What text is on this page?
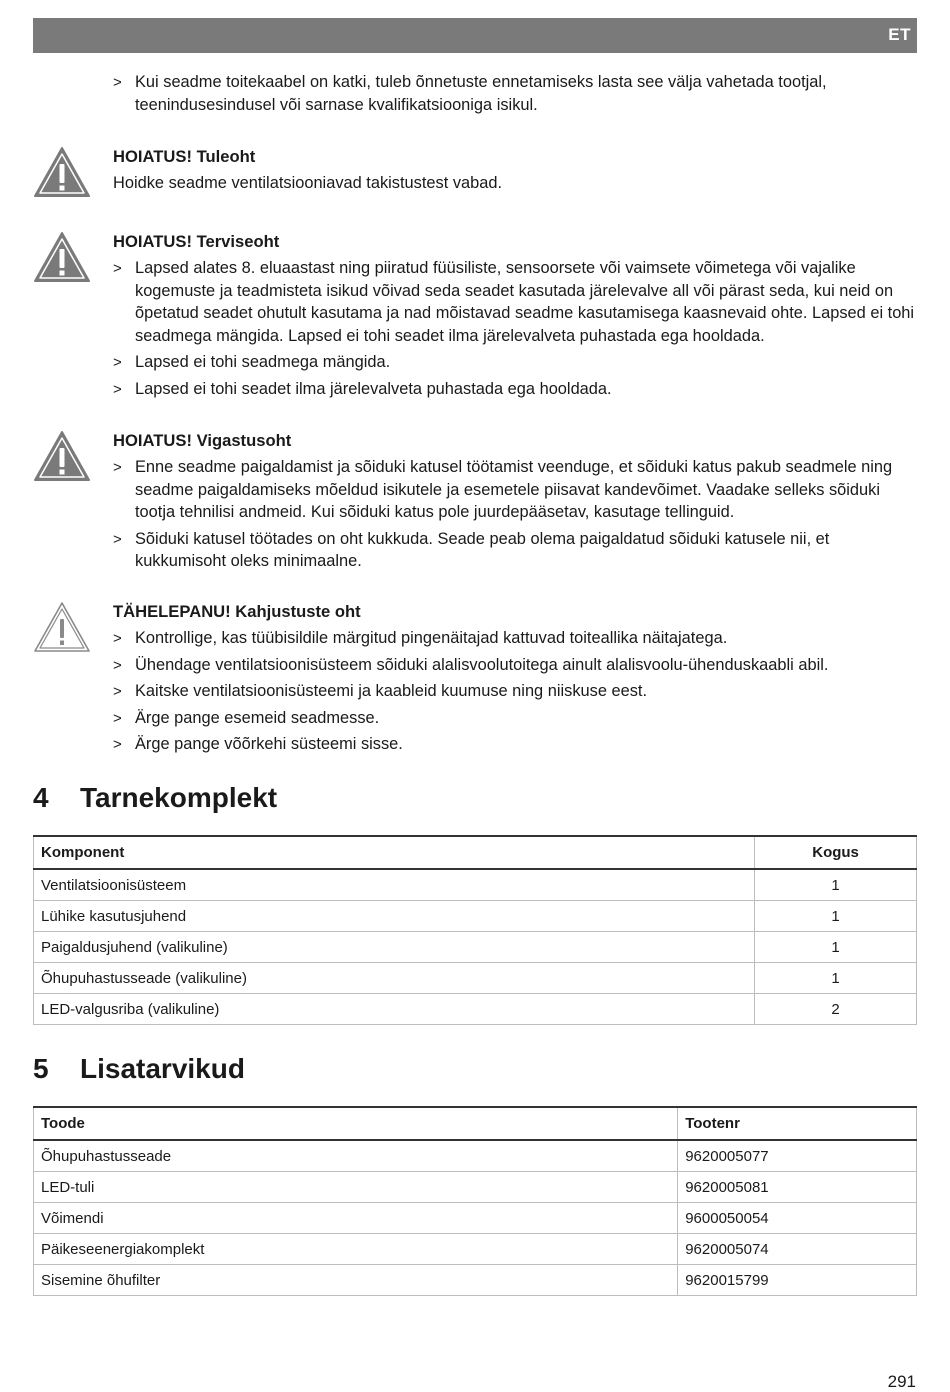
ET
> Kui seadme toitekaabel on katki, tuleb õnnetuste ennetamiseks lasta see välja vahetada tootjal, teenindusesindusel või sarnase kvalifikatsiooniga isikul.

HOIATUS! Tuleoht

Hoidke seadme ventilatsiooniavad takistustest vabad.

HOIATUS! Terviseoht

> Lapsed alates 8. eluaastast ning piiratud füüsiliste, sensoorsete või vaimsete võimetega või vajalike kogemuste ja teadmisteta isikud võivad seda seadet kasutada järelevalve all või pärast seda, kui neid on õpetatud seadet ohutult kasutama ja nad mõistavad seadme kasutamisega kaasnevaid ohte. Lapsed ei tohi seadmega mängida. Lapsed ei tohi seadet ilma järelevalveta puhastada ega hooldada.
> Lapsed ei tohi seadmega mängida.
> Lapsed ei tohi seadet ilma järelevalveta puhastada ega hooldada.

HOIATUS! Vigastusoht

> Enne seadme paigaldamist ja sõiduki katusel töötamist veenduge, et sõiduki katus pakub seadmele ning seadme paigaldamiseks mõeldud isikutele ja esemetele piisavat kandevõimet. Vaadake selleks sõiduki tootja tehnilisi andmeid. Kui sõiduki katus pole juurdepääsetav, kasutage tellinguid.
> Sõiduki katusel töötades on oht kukkuda. Seade peab olema paigaldatud sõiduki katusele nii, et kukkumisoht oleks minimaalne.

TÄHELEPANU! Kahjustuste oht

> Kontrollige, kas tüübisildile märgitud pingenäitajad kattuvad toiteallika näitajatega.
> Ühendage ventilatsioonisüsteem sõiduki alalisvoolutoitega ainult alalisvoolu-ühenduskaabli abil.
> Kaitske ventilatsioonisüsteemi ja kaableid kuumuse ning niiskuse eest.
> Ärge pange esemeid seadmesse.
> Ärge pange võõrkehi süsteemi sisse.
4 Tarnekomplekt
Komponent	Kogus
Ventilatsioonisüsteem	1
Lühike kasutusjuhend	1
Paigaldusjuhend (valikuline)	1
Õhupuhastusseade (valikuline)	1
LED-valgusriba (valikuline)	2
5 Lisatarvikud
Toode	Tootenr
Õhupuhastusseade	9620005077
LED-tuli	9620005081
Võimendi	9600050054
Päikeseenergiakomplekt	9620005074
Sisemine õhufilter	9620015799
291
